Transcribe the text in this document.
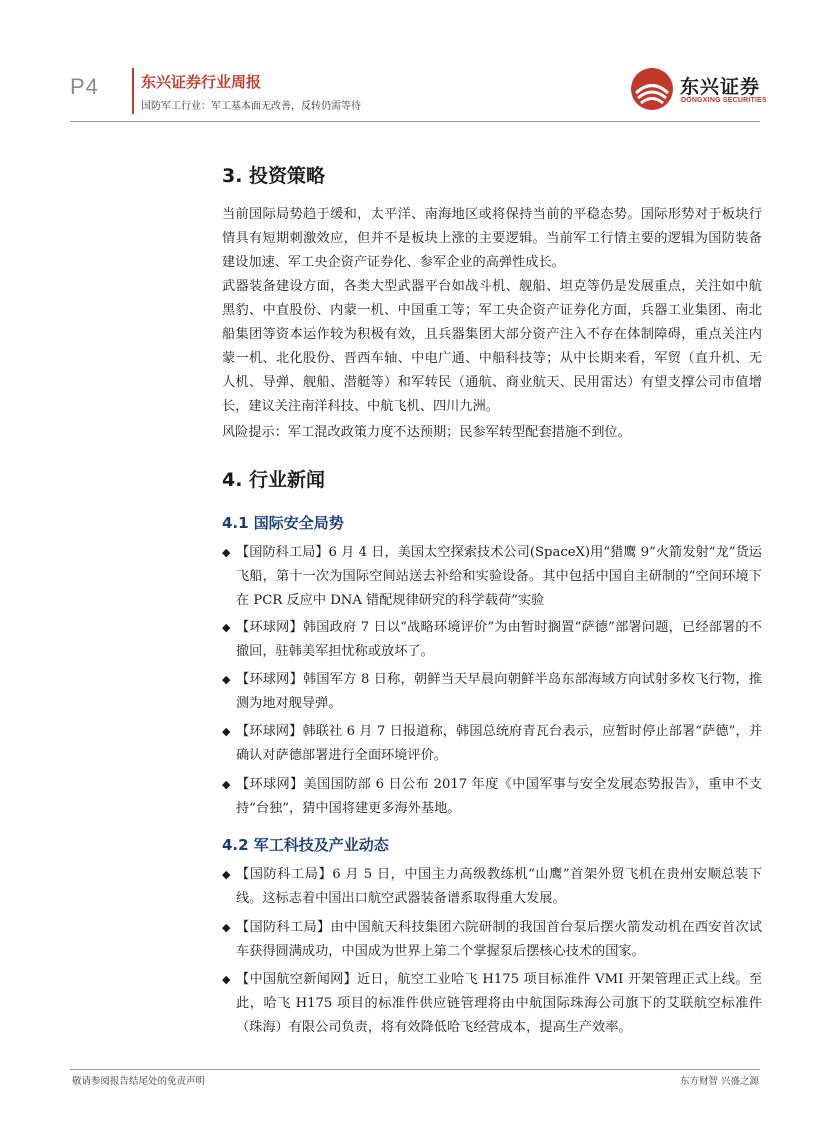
P4	东兴证券行业周报
国防军工行业：军工基本面无改善，反转仍需等待
东兴证券
DONGXING SECURITIES
3. 投资策略

当前国际局势趋于缓和，太平洋、南海地区或将保持当前的平稳态势。国际形势对于板块行情具有短期刺激效应，但并不是板块上涨的主要逻辑。当前军工行情主要的逻辑为国防装备建设加速、军工央企资产证券化、参军企业的高弹性成长。

武器装备建设方面，各类大型武器平台如战斗机、舰船、坦克等仍是发展重点，关注如中航黑豹、中直股份、内蒙一机、中国重工等；军工央企资产证券化方面，兵器工业集团、南北船集团等资本运作较为积极有效，且兵器集团大部分资产注入不存在体制障碍，重点关注内蒙一机、北化股份、晋西车轴、中电广通、中船科技等；从中长期来看，军贸（直升机、无人机、导弹、舰船、潜艇等）和军转民（通航、商业航天、民用雷达）有望支撑公司市值增长，建议关注南洋科技、中航飞机、四川九洲。

风险提示：军工混改政策力度不达预期；民参军转型配套措施不到位。

4. 行业新闻
4.1 国际安全局势
◆ 【国防科工局】6 月 4 日，美国太空探索技术公司(SpaceX)用“猎鹰 9”火箭发射“龙”货运飞船，第十一次为国际空间站送去补给和实验设备。其中包括中国自主研制的“空间环境下在 PCR 反应中 DNA 错配规律研究的科学载荷”实验
◆ 【环球网】韩国政府 7 日以“战略环境评价”为由暂时搁置“萨德”部署问题，已经部署的不撤回，驻韩美军担忧称或放坏了。
◆ 【环球网】韩国军方 8 日称，朝鲜当天早晨向朝鲜半岛东部海域方向试射多枚飞行物，推测为地对舰导弹。
◆ 【环球网】韩联社 6 月 7 日报道称，韩国总统府青瓦台表示，应暂时停止部署“萨德”，并确认对萨德部署进行全面环境评价。
◆ 【环球网】美国国防部 6 日公布 2017 年度《中国军事与安全发展态势报告》，重申不支持“台独”，猜中国将建更多海外基地。
4.2 军工科技及产业动态
◆ 【国防科工局】6 月 5 日，中国主力高级教练机“山鹰”首架外贸飞机在贵州安顺总装下线。这标志着中国出口航空武器装备谱系取得重大发展。
◆ 【国防科工局】由中国航天科技集团六院研制的我国首台泵后摆火箭发动机在西安首次试车获得圆满成功，中国成为世界上第二个掌握泵后摆核心技术的国家。
◆ 【中国航空新闻网】近日，航空工业哈飞 H175 项目标准件 VMI 开架管理正式上线。至此，哈飞 H175 项目的标准件供应链管理将由中航国际珠海公司旗下的艾联航空标准件（珠海）有限公司负责，将有效降低哈飞经营成本，提高生产效率。
敬请参阅报告结尾处的免责声明	东方财智 兴盛之源
